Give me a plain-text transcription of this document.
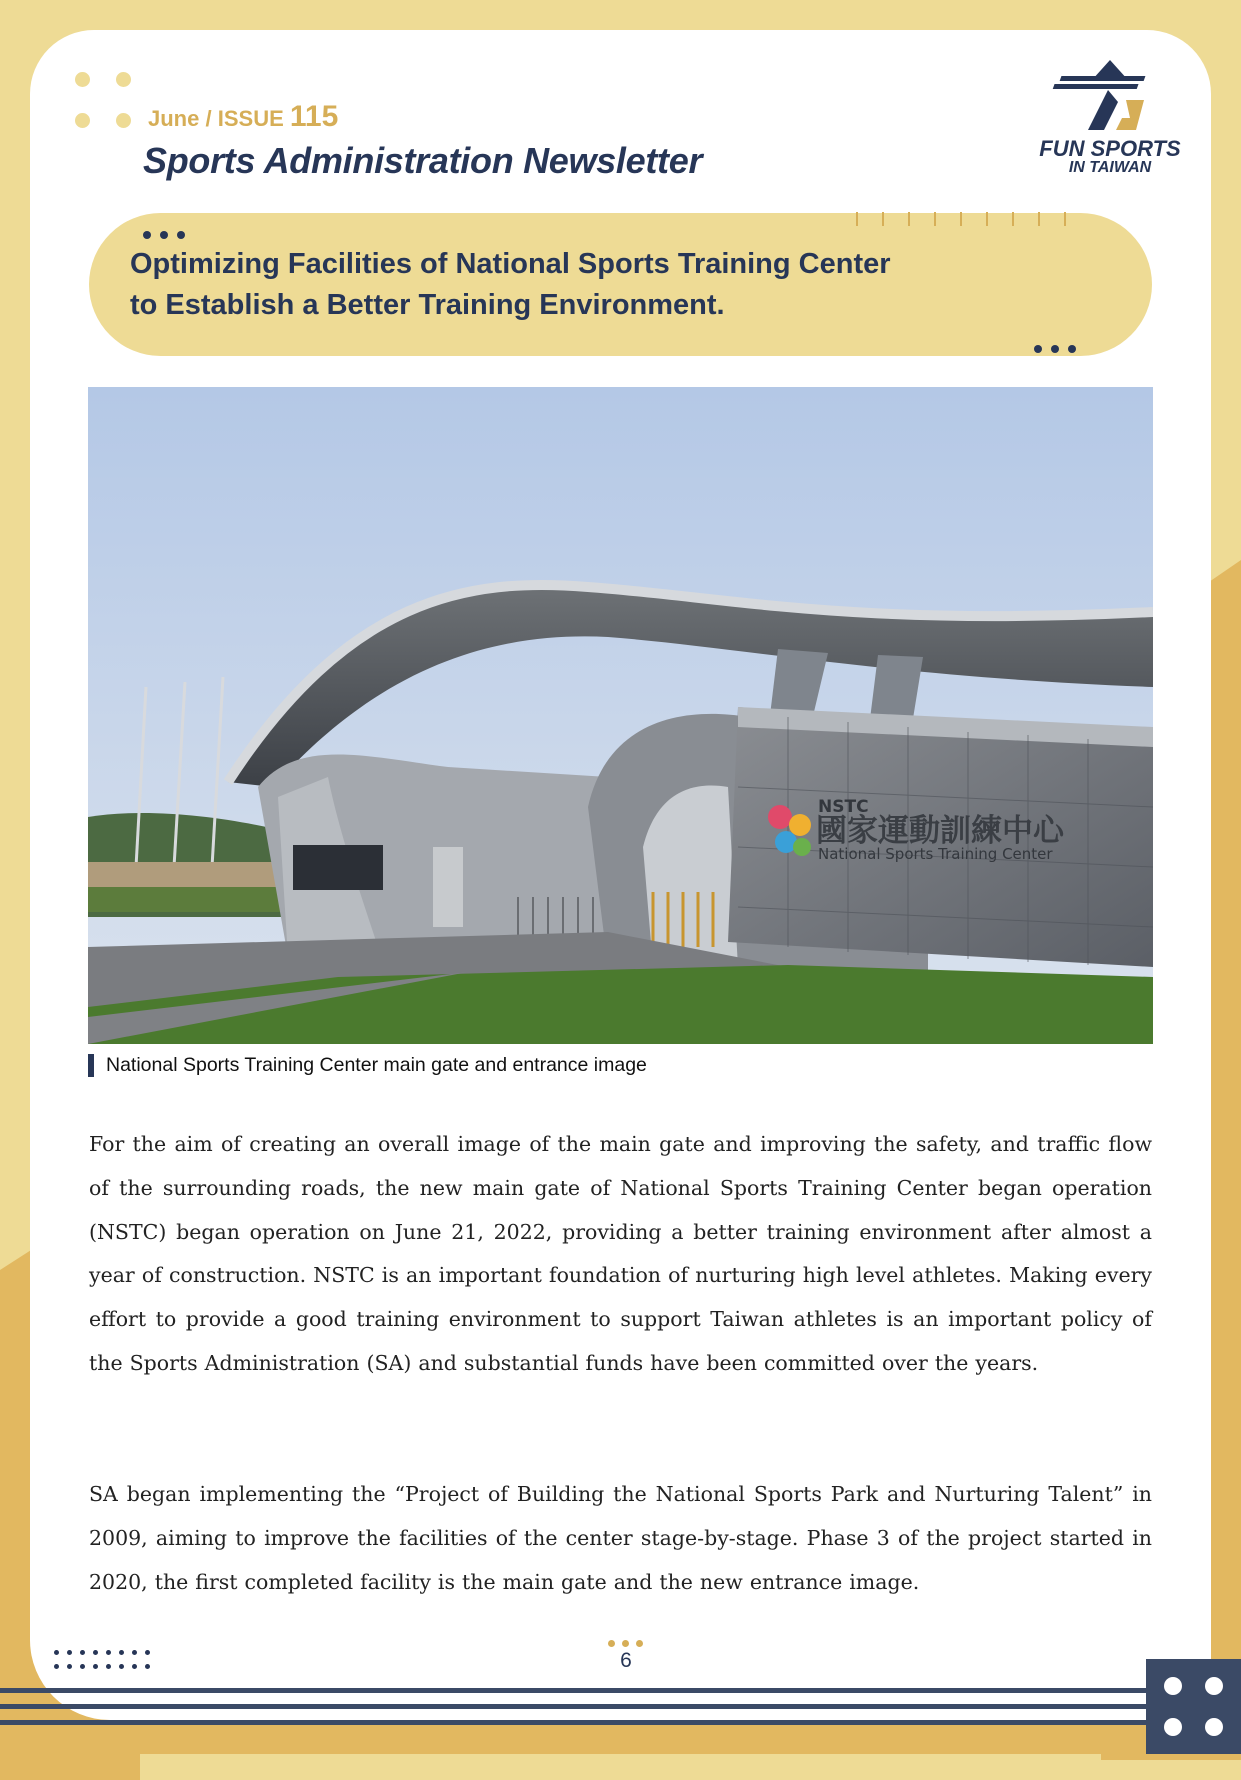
June / ISSUE 115
Sports Administration Newsletter	FUN SPORTS
IN TAIWAN
Optimizing Facilities of National Sports Training Center
to Establish a Better Training Environment.
NSTC
國家運動訓練中心
National Sports Training Center
National Sports Training Center main gate and entrance image
For the aim of creating an overall image of the main gate and improving the safety, and traffic flow of the surrounding roads, the new main gate of National Sports Training Center began operation (NSTC) began operation on June 21, 2022, providing a better training environment after almost a year of construction. NSTC is an important foundation of nurturing high level athletes. Making every effort to provide a good training environment to support Taiwan athletes is an important policy of the Sports Administration (SA) and substantial funds have been committed over the years.
SA began implementing the “Project of Building the National Sports Park and Nurturing Talent” in 2009, aiming to improve the facilities of the center stage-by-stage. Phase 3 of the project started in 2020, the first completed facility is the main gate and the new entrance image.
6
